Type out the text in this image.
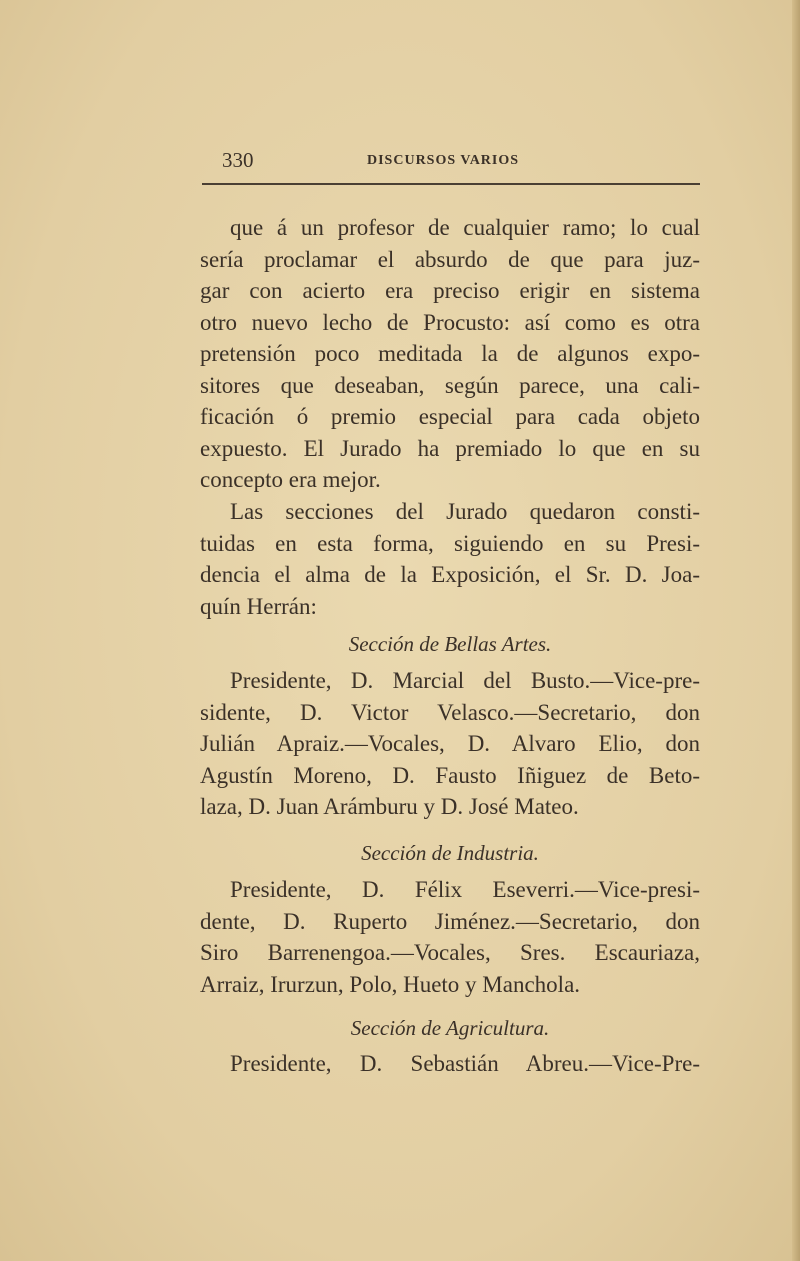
330	DISCURSOS VARIOS
que á un profesor de cualquier ramo; lo cual
sería proclamar el absurdo de que para juz-
gar con acierto era preciso erigir en sistema
otro nuevo lecho de Procusto: así como es otra
pretensión poco meditada la de algunos expo-
sitores que deseaban, según parece, una cali-
ficación ó premio especial para cada objeto
expuesto. El Jurado ha premiado lo que en su
concepto era mejor.
Las secciones del Jurado quedaron consti-
tuidas en esta forma, siguiendo en su Presi-
dencia el alma de la Exposición, el Sr. D. Joa-
quín Herrán:
Sección de Bellas Artes.
Presidente, D. Marcial del Busto.—Vice-pre-
sidente, D. Victor Velasco.—Secretario, don
Julián Apraiz.—Vocales, D. Alvaro Elio, don
Agustín Moreno, D. Fausto Iñiguez de Beto-
laza, D. Juan Arámburu y D. José Mateo.
Sección de Industria.
Presidente, D. Félix Eseverri.—Vice-presi-
dente, D. Ruperto Jiménez.—Secretario, don
Siro Barrenengoa.—Vocales, Sres. Escauriaza,
Arraiz, Irurzun, Polo, Hueto y Manchola.
Sección de Agricultura.
Presidente, D. Sebastián Abreu.—Vice-Pre-
